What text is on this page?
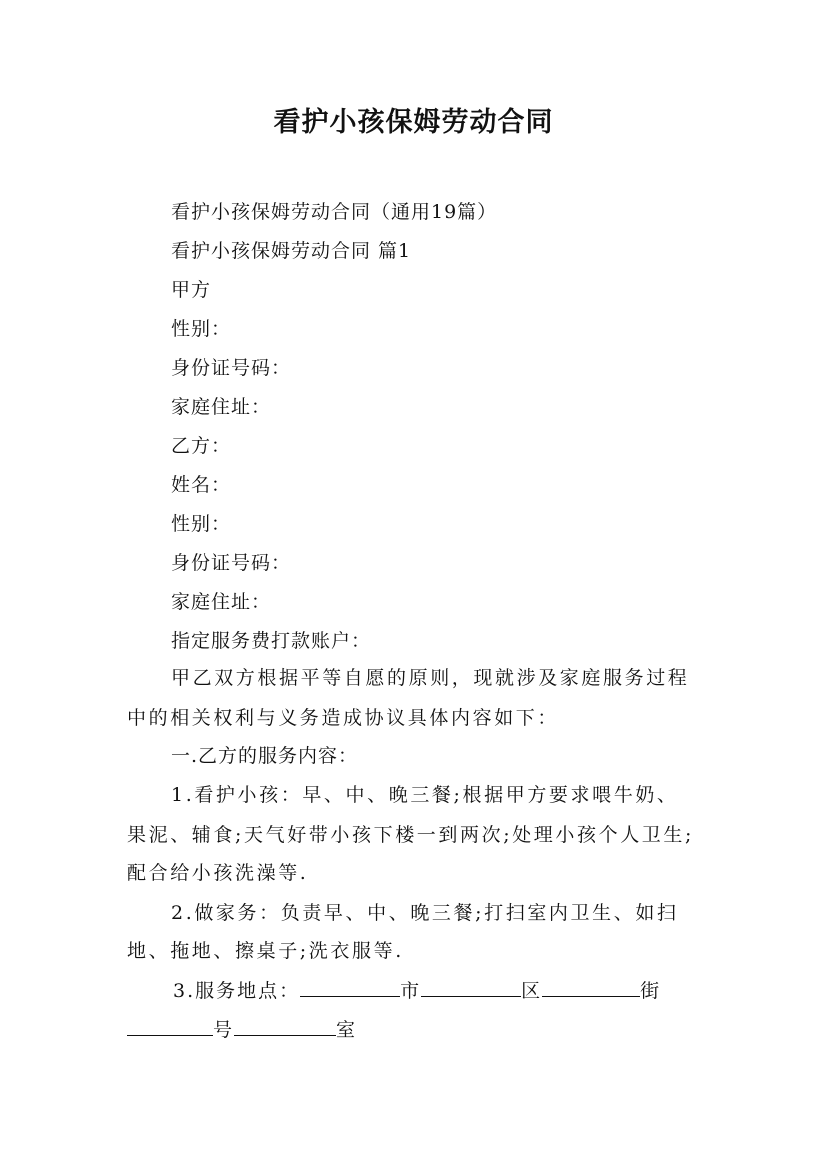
看护小孩保姆劳动合同
看护小孩保姆劳动合同（通用19篇）
看护小孩保姆劳动合同 篇1
甲方
性别：
身份证号码：
家庭住址：
乙方：
姓名：
性别：
身份证号码：
家庭住址：
指定服务费打款账户：
甲乙双方根据平等自愿的原则，现就涉及家庭服务过程
中的相关权利与义务造成协议具体内容如下：
一.乙方的服务内容：
1.看护小孩：早、中、晚三餐;根据甲方要求喂牛奶、
果泥、辅食;天气好带小孩下楼一到两次;处理小孩个人卫生;
配合给小孩洗澡等.
2.做家务：负责早、中、晚三餐;打扫室内卫生、如扫
地、拖地、擦桌子;洗衣服等.
3.服务地点：	市	区	街
号	室
